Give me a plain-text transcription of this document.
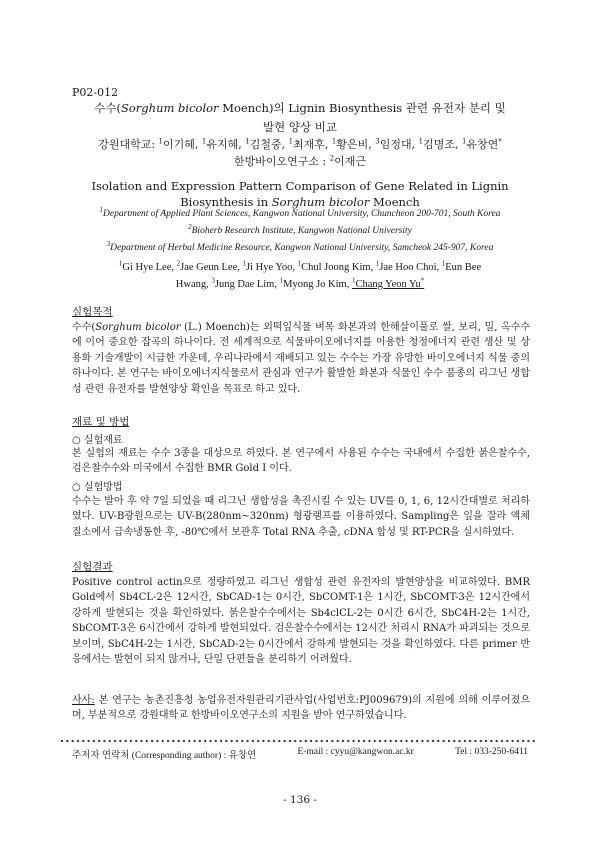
P02-012
수수(Sorghum bicolor Moench)의 Lignin Biosynthesis 관련 유전자 분리 및
발현 양상 비교
강원대학교: $^1$이기혜, $^1$유지혜, $^1$김철중, $^1$최재후, $^1$황은비, $^3$임정대, $^1$김명조, $^1$유창연*
한방바이오연구소 : $^2$이재근
Isolation and Expression Pattern Comparison of Gene Related in Lignin
Biosynthesis in Sorghum bicolor Moench
$^1$Department of Applied Plant Sciences, Kangwon National University, Chuncheon 200-701, South Korea
$^2$Bioherb Research Institute, Kangwon National University
$^3$Department of Herbal Medicine Resource, Kangwon National University, Samcheok 245-907, Korea
$^1$Gi Hye Lee, $^2$Jae Geun Lee, $^1$Ji Hye Yoo, $^1$Chul Joong Kim, $^1$Jae Hoo Choi, $^1$Eun Bee
Hwang, $^3$Jung Dae Lim, $^1$Myong Jo Kim, $^1$Chang Yeon Yu*
실험목적
수수(Sorghum bicolor (L.) Moench)는 외떡잎식물 벼목 화본과의 한해살이풀로 쌀, 보리, 밀, 옥수수에 이어 중요한 잡곡의 하나이다. 전 세계적으로 식물바이오에너지를 이용한 청정에너지 관련 생산 및 상용화 기술개발이 시급한 가운데, 우리나라에서 재배되고 있는 수수는 가장 유망한 바이오에너지 식물 중의 하나이다. 본 연구는 바이오에너지식물로서 관심과 연구가 활발한 화본과 식물인 수수 품종의 리그닌 생합성 관련 유전자를 발현양상 확인을 목표로 하고 있다.
재료 및 방법
○ 실험재료
본 실험의 재료는 수수 3종을 대상으로 하였다. 본 연구에서 사용된 수수는 국내에서 수집한 붉은찰수수, 검은찰수수와 미국에서 수집한 BMR Gold I 이다.
○ 실험방법
수수는 발아 후 약 7일 되었을 때 리그닌 생합성을 촉진시킬 수 있는 UV를 0, 1, 6, 12시간대별로 처리하였다. UV-B광원으로는 UV-B(280nm~320nm) 형광램프를 이용하였다. Sampling은 잎을 잘라 액체질소에서 급속냉동한 후, -80℃에서 보관후 Total RNA 추출, cDNA 합성 및 RT-PCR을 실시하였다.
실험결과
Positive control actin으로 정량하였고 리그닌 생합성 관련 유전자의 발현양상을 비교하였다. BMR Gold에서 Sb4CL-2은 12시간, SbCAD-1는 0시간, SbCOMT-1은 1시간, SbCOMT-3은 12시간에서 강하게 발현되는 것을 확인하였다. 붉은찰수수에서는 Sb4clCL-2는 0시간 6시간, SbC4H-2는 1시간, SbCOMT-3은 6시간에서 강하게 발현되었다. 검은찰수수에서는 12시간 처리시 RNA가 파괴되는 것으로 보이며, SbC4H-2는 1시간, SbCAD-2는 0시간에서 강하게 발현되는 것을 확인하였다. 다른 primer 반응에서는 발현이 되지 않거나, 단일 단편들을 분리하기 어려웠다.
사사: 본 연구는 농촌진흥청 농업유전자원관리기관사업(사업번호:PJ009679)의 지원에 의해 이루어졌으며, 부분적으로 강원대학교 한방바이오연구소의 지원을 받아 연구하였습니다.
주저자 연락처 (Corresponding author) : 유창연	E-mail : cyyu@kangwon.ac.kr	Tel : 033-250-6411
- 136 -
